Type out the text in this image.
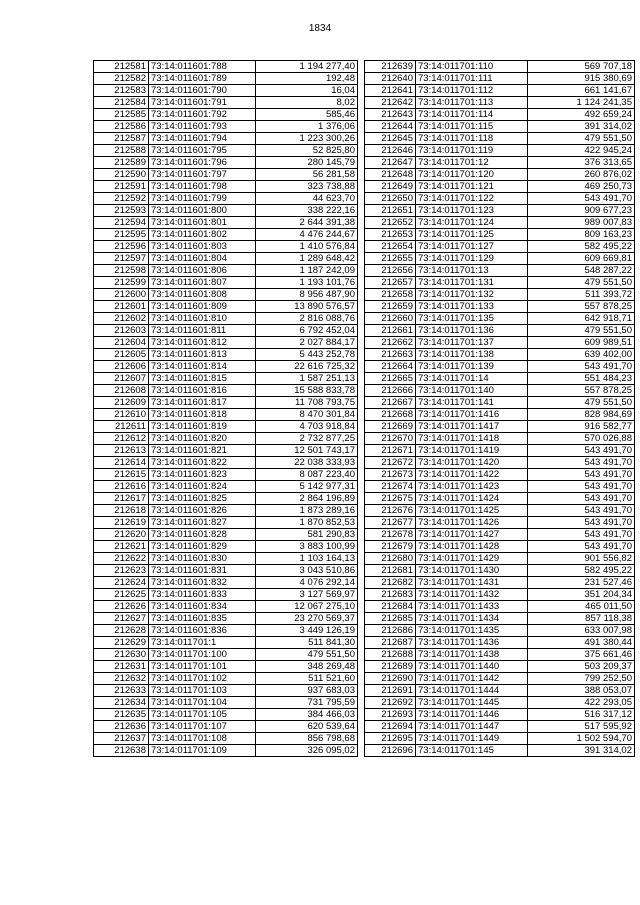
1834
212581	73:14:011601:788	1 194 277,40
212582	73:14:011601:789	192,48
212583	73:14:011601:790	16,04
212584	73:14:011601:791	8,02
212585	73:14:011601:792	585,46
212586	73:14:011601:793	1 376,06
212587	73:14:011601:794	1 223 300,26
212588	73:14:011601:795	52 825,80
212589	73:14:011601:796	280 145,79
212590	73:14:011601:797	56 281,58
212591	73:14:011601:798	323 738,88
212592	73:14:011601:799	44 623,70
212593	73:14:011601:800	338 222,16
212594	73:14:011601:801	2 644 391,38
212595	73:14:011601:802	4 476 244,67
212596	73:14:011601:803	1 410 576,84
212597	73:14:011601:804	1 289 648,42
212598	73:14:011601:806	1 187 242,09
212599	73:14:011601:807	1 193 101,76
212600	73:14:011601:808	8 956 487,90
212601	73:14:011601:809	13 890 576,57
212602	73:14:011601:810	2 816 088,76
212603	73:14:011601:811	6 792 452,04
212604	73:14:011601:812	2 027 884,17
212605	73:14:011601:813	5 443 252,78
212606	73:14:011601:814	22 616 725,32
212607	73:14:011601:815	1 587 251,13
212608	73:14:011601:816	15 588 833,78
212609	73:14:011601:817	11 708 793,75
212610	73:14:011601:818	8 470 301,84
212611	73:14:011601:819	4 703 918,84
212612	73:14:011601:820	2 732 877,25
212613	73:14:011601:821	12 501 743,17
212614	73:14:011601:822	22 038 333,93
212615	73:14:011601:823	8 087 223,40
212616	73:14:011601:824	5 142 977,31
212617	73:14:011601:825	2 864 196,89
212618	73:14:011601:826	1 873 289,16
212619	73:14:011601:827	1 870 852,53
212620	73:14:011601:828	581 290,83
212621	73:14:011601:829	3 883 100,99
212622	73:14:011601:830	1 103 164,13
212623	73:14:011601:831	3 043 510,86
212624	73:14:011601:832	4 076 292,14
212625	73:14:011601:833	3 127 569,97
212626	73:14:011601:834	12 067 275,10
212627	73:14:011601:835	23 270 569,37
212628	73:14:011601:836	3 449 126,19
212629	73:14:011701:1	511 841,30
212630	73:14:011701:100	479 551,50
212631	73:14:011701:101	348 269,48
212632	73:14:011701:102	511 521,60
212633	73:14:011701:103	937 683,03
212634	73:14:011701:104	731 795,59
212635	73:14:011701:105	384 466,03
212636	73:14:011701:107	620 539,64
212637	73:14:011701:108	856 798,68
212638	73:14:011701:109	326 095,02
212639	73:14:011701:110	569 707,18
212640	73:14:011701:111	915 380,69
212641	73:14:011701:112	661 141,67
212642	73:14:011701:113	1 124 241,35
212643	73:14:011701:114	492 659,24
212644	73:14:011701:115	391 314,02
212645	73:14:011701:118	479 551,50
212646	73:14:011701:119	422 945,24
212647	73:14:011701:12	376 313,65
212648	73:14:011701:120	260 876,02
212649	73:14:011701:121	469 250,73
212650	73:14:011701:122	543 491,70
212651	73:14:011701:123	909 677,23
212652	73:14:011701:124	989 007,83
212653	73:14:011701:125	809 163,23
212654	73:14:011701:127	582 495,22
212655	73:14:011701:129	609 669,81
212656	73:14:011701:13	548 287,22
212657	73:14:011701:131	479 551,50
212658	73:14:011701:132	511 393,72
212659	73:14:011701:133	557 878,25
212660	73:14:011701:135	642 918,71
212661	73:14:011701:136	479 551,50
212662	73:14:011701:137	609 989,51
212663	73:14:011701:138	639 402,00
212664	73:14:011701:139	543 491,70
212665	73:14:011701:14	551 484,23
212666	73:14:011701:140	557 878,25
212667	73:14:011701:141	479 551,50
212668	73:14:011701:1416	828 984,69
212669	73:14:011701:1417	916 582,77
212670	73:14:011701:1418	570 026,88
212671	73:14:011701:1419	543 491,70
212672	73:14:011701:1420	543 491,70
212673	73:14:011701:1422	543 491,70
212674	73:14:011701:1423	543 491,70
212675	73:14:011701:1424	543 491,70
212676	73:14:011701:1425	543 491,70
212677	73:14:011701:1426	543 491,70
212678	73:14:011701:1427	543 491,70
212679	73:14:011701:1428	543 491,70
212680	73:14:011701:1429	901 556,82
212681	73:14:011701:1430	582 495,22
212682	73:14:011701:1431	231 527,46
212683	73:14:011701:1432	351 204,34
212684	73:14:011701:1433	465 011,50
212685	73:14:011701:1434	857 118,38
212686	73:14:011701:1435	633 007,98
212687	73:14:011701:1436	491 380,44
212688	73:14:011701:1438	375 661,46
212689	73:14:011701:1440	503 209,37
212690	73:14:011701:1442	799 252,50
212691	73:14:011701:1444	388 053,07
212692	73:14:011701:1445	422 293,05
212693	73:14:011701:1446	516 317,12
212694	73:14:011701:1447	517 595,92
212695	73:14:011701:1449	1 502 594,70
212696	73:14:011701:145	391 314,02
